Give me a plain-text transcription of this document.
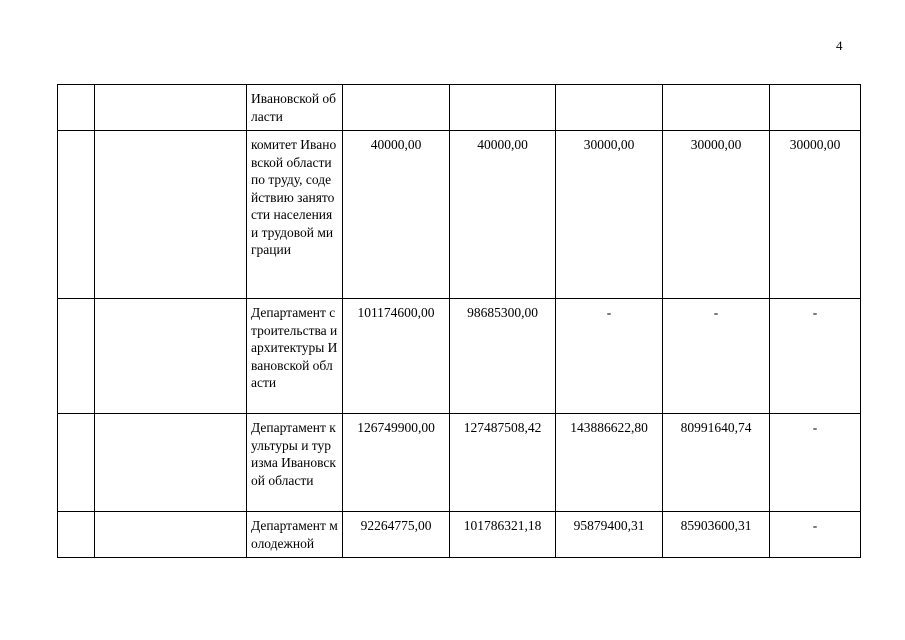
4
		Ивановской области					
		комитет Ивановской области по труду, содействию занятости населения и трудовой миграции	40000,00	40000,00	30000,00	30000,00	30000,00
		Департамент строительства и архитектуры Ивановской области	101174600,00	98685300,00	-	-	-
		Департамент культуры и туризма Ивановской области	126749900,00	127487508,42	143886622,80	80991640,74	-
		Департамент молодежной	92264775,00	101786321,18	95879400,31	85903600,31	-
